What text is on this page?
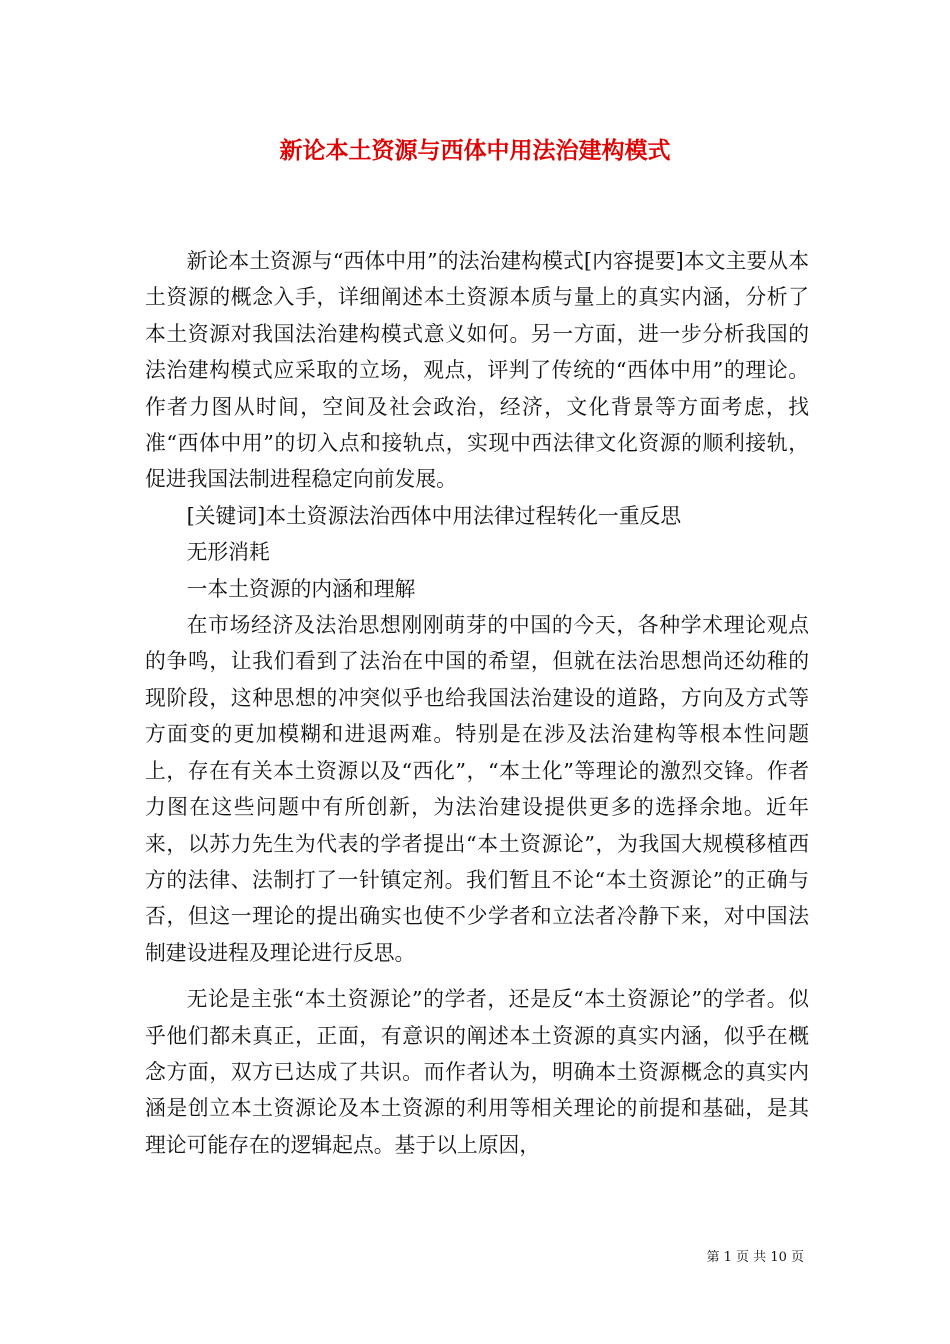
新论本土资源与西体中用法治建构模式

新论本土资源与“西体中用”的法治建构模式[内容提要]本文主要从本土资源的概念入手，详细阐述本土资源本质与量上的真实内涵，分析了本土资源对我国法治建构模式意义如何。另一方面，进一步分析我国的法治建构模式应采取的立场，观点，评判了传统的“西体中用”的理论。作者力图从时间，空间及社会政治，经济，文化背景等方面考虑，找准“西体中用”的切入点和接轨点，实现中西法律文化资源的顺利接轨，促进我国法制进程稳定向前发展。

[关键词]本土资源法治西体中用法律过程转化一重反思

无形消耗

一本土资源的内涵和理解

在市场经济及法治思想刚刚萌芽的中国的今天，各种学术理论观点的争鸣，让我们看到了法治在中国的希望，但就在法治思想尚还幼稚的现阶段，这种思想的冲突似乎也给我国法治建设的道路，方向及方式等方面变的更加模糊和进退两难。特别是在涉及法治建构等根本性问题上，存在有关本土资源以及“西化”，“本土化”等理论的激烈交锋。作者力图在这些问题中有所创新，为法治建设提供更多的选择余地。近年来，以苏力先生为代表的学者提出“本土资源论”，为我国大规模移植西方的法律、法制打了一针镇定剂。我们暂且不论“本土资源论”的正确与否，但这一理论的提出确实也使不少学者和立法者冷静下来，对中国法制建设进程及理论进行反思。

无论是主张“本土资源论”的学者，还是反“本土资源论”的学者。似乎他们都未真正，正面，有意识的阐述本土资源的真实内涵，似乎在概念方面，双方已达成了共识。而作者认为，明确本土资源概念的真实内涵是创立本土资源论及本土资源的利用等相关理论的前提和基础，是其理论可能存在的逻辑起点。基于以上原因，

第 1 页 共 10 页
